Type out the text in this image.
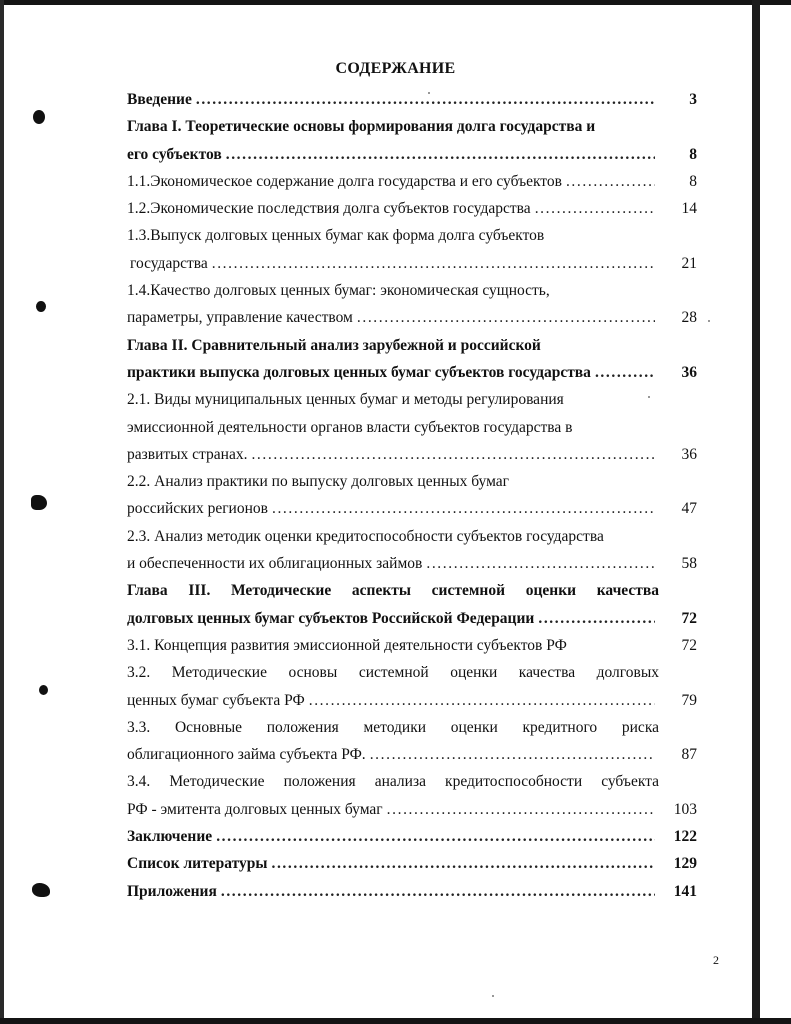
СОДЕРЖАНИЕ
Введение .....	3
Глава I. Теоретические основы формирования долга государства и
его субъектов .....	8
1.1.Экономическое содержание долга государства и его субъектов .....	8
1.2.Экономические последствия долга субъектов государства .....	14
1.3.Выпуск долговых ценных бумаг как форма долга субъектов
государства .....	21
1.4.Качество долговых ценных бумаг: экономическая сущность,
параметры, управление качеством .....	28
Глава II. Сравнительный анализ зарубежной и российской
практики выпуска долговых ценных бумаг субъектов государства .....	36
2.1. Виды муниципальных ценных бумаг и методы регулирования
эмиссионной деятельности органов власти субъектов государства в
развитых странах. .....	36
2.2. Анализ практики по выпуску долговых ценных бумаг
российских регионов .....	47
2.3. Анализ методик оценки кредитоспособности субъектов государства
и обеспеченности их облигационных займов .....	58
Глава III. Методические аспекты системной оценки качества
долговых ценных бумаг субъектов Российской Федерации .....	72
3.1. Концепция развития эмиссионной деятельности субъектов РФ	72
3.2. Методические основы системной оценки качества долговых
ценных бумаг субъекта РФ .....	79
3.3. Основные положения методики оценки кредитного риска
облигационного займа субъекта РФ. .....	87
3.4. Методические положения анализа кредитоспособности субъекта
РФ - эмитента долговых ценных бумаг .....	103
Заключение .....	122
Список литературы .....	129
Приложения .....	141
2
